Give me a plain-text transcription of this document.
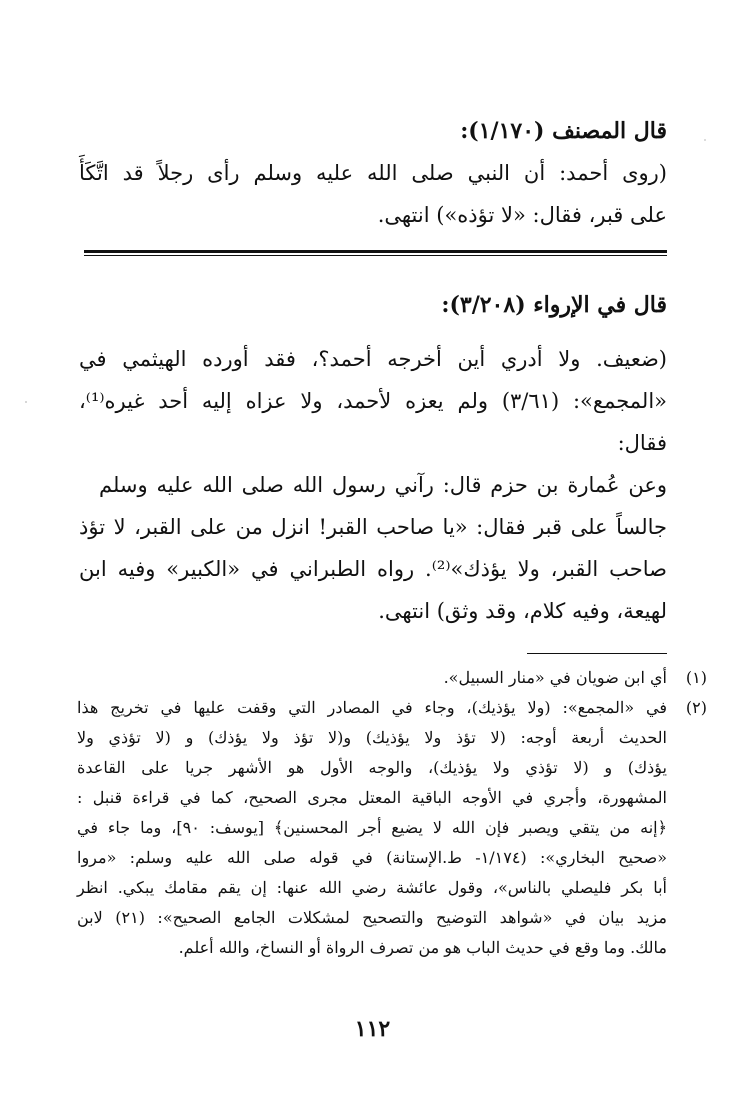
قال المصنف (١/١٧٠):
(روى أحمد: أن النبي صلى الله عليه وسلم رأى رجلاً قد اتَّكَأَ
على قبر، فقال: «لا تؤذه») انتهى.
قال في الإرواء (٣/٢٠٨):
(ضعيف. ولا أدري أين أخرجه أحمد؟، فقد أورده الهيثمي في
«المجمع»: (٣/٦١) ولم يعزه لأحمد، ولا عزاه إليه أحد غيره⁽¹⁾،
فقال:
وعن عُمارة بن حزم قال: رآني رسول الله صلى الله عليه وسلم
جالساً على قبر فقال: «يا صاحب القبر! انزل من على القبر، لا تؤذ
صاحب القبر، ولا يؤذك»⁽²⁾. رواه الطبراني في «الكبير» وفيه ابن
لهيعة، وفيه كلام، وقد وثق) انتهى.
(١)
أي ابن ضويان في «منار السبيل».
(٢)
في «المجمع»: (ولا يؤذيك)، وجاء في المصادر التي وقفت عليها في تخريج هذا
الحديث أربعة أوجه: (لا تؤذ ولا يؤذيك) و(لا تؤذ ولا يؤذك) و (لا تؤذي ولا
يؤذك) و (لا تؤذي ولا يؤذيك)، والوجه الأول هو الأشهر جريا على القاعدة
المشهورة، وأجري في الأوجه الباقية المعتل مجرى الصحيح، كما في قراءة قنبل :
﴿إنه من يتقي ويصبر فإن الله لا يضيع أجر المحسنين﴾ [يوسف: ٩٠]، وما جاء في
«صحيح البخاري»: (١/١٧٤- ط.الإستانة) في قوله صلى الله عليه وسلم: «مروا
أبا بكر فليصلي بالناس»، وقول عائشة رضي الله عنها: إن يقم مقامك يبكي. انظر
مزيد بيان في «شواهد التوضيح والتصحيح لمشكلات الجامع الصحيح»: (٢١) لابن
مالك. وما وقع في حديث الباب هو من تصرف الرواة أو النساخ، والله أعلم.
١١٢
